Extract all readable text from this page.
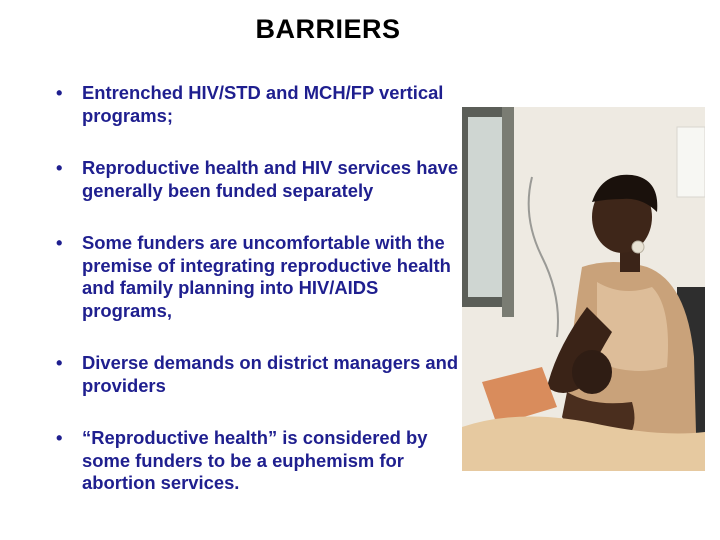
BARRIERS
• Entrenched HIV/STD and MCH/FP vertical programs;
• Reproductive health and HIV services have generally been funded separately
• Some funders are uncomfortable with the premise of integrating reproductive health and family planning into HIV/AIDS programs,
• Diverse demands on district managers and providers
• “Reproductive health” is considered by some funders to be a euphemism for abortion services.
